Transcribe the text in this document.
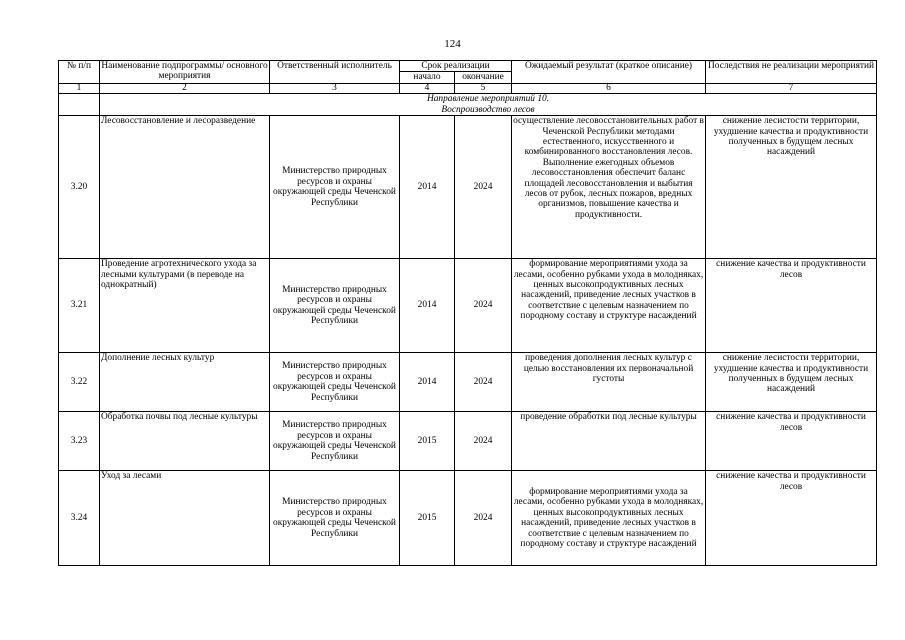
124
№ п/п	Наименование подпрограммы/ основного мероприятия	Ответственный исполнитель	Срок реализации		Ожидаемый результат (краткое описание)	Последствия не реализации мероприятий
			начало	окончание		
1	2	3	4	5	6	7

	Направление мероприятий 10.
Воспроизводство лесов					

3.20	Лесовосстановление и лесоразведение	Министерство природных ресурсов и охраны окружающей среды Чеченской Республики	2014	2024	осуществление лесовосстановительных работ в Чеченской Республики методами естественного, искусственного и комбинированного восстановления лесов. Выполнение ежегодных объемов лесовосстановления обеспечит баланс площадей лесовосстановления и выбытия лесов от рубок, лесных пожаров, вредных организмов, повышение качества и продуктивности.	снижение лесистости территории, ухудшение качества и продуктивности полученных в будущем лесных насаждений
3.21	Проведение агротехнического ухода за лесными культурами (в переводе на однократный)	Министерство природных ресурсов и охраны окружающей среды Чеченской Республики	2014	2024	формирование мероприятиями ухода за лесами, особенно рубками ухода в молодняках, ценных высокопродуктивных лесных насаждений, приведение лесных участков в соответствие с целевым назначением по породному составу и структуре насаждений	снижение качества и продуктивности лесов
3.22	Дополнение лесных культур	Министерство природных ресурсов и охраны окружающей среды Чеченской Республики	2014	2024	проведения дополнения лесных культур с целью восстановления их первоначальной густоты	снижение лесистости территории, ухудшение качества и продуктивности полученных в будущем лесных насаждений
3.23	Обработка почвы под лесные культуры	Министерство природных ресурсов и охраны окружающей среды Чеченской Республики	2015	2024	проведение обработки под лесные культуры	снижение качества и продуктивности лесов
3.24	Уход за лесами	Министерство природных ресурсов и охраны окружающей среды Чеченской Республики	2015	2024	формирование мероприятиями ухода за лесами, особенно рубками ухода в молодняках, ценных высокопродуктивных лесных насаждений, приведение лесных участков в соответствие с целевым назначением по породному составу и структуре насаждений	снижение качества и продуктивности лесов
